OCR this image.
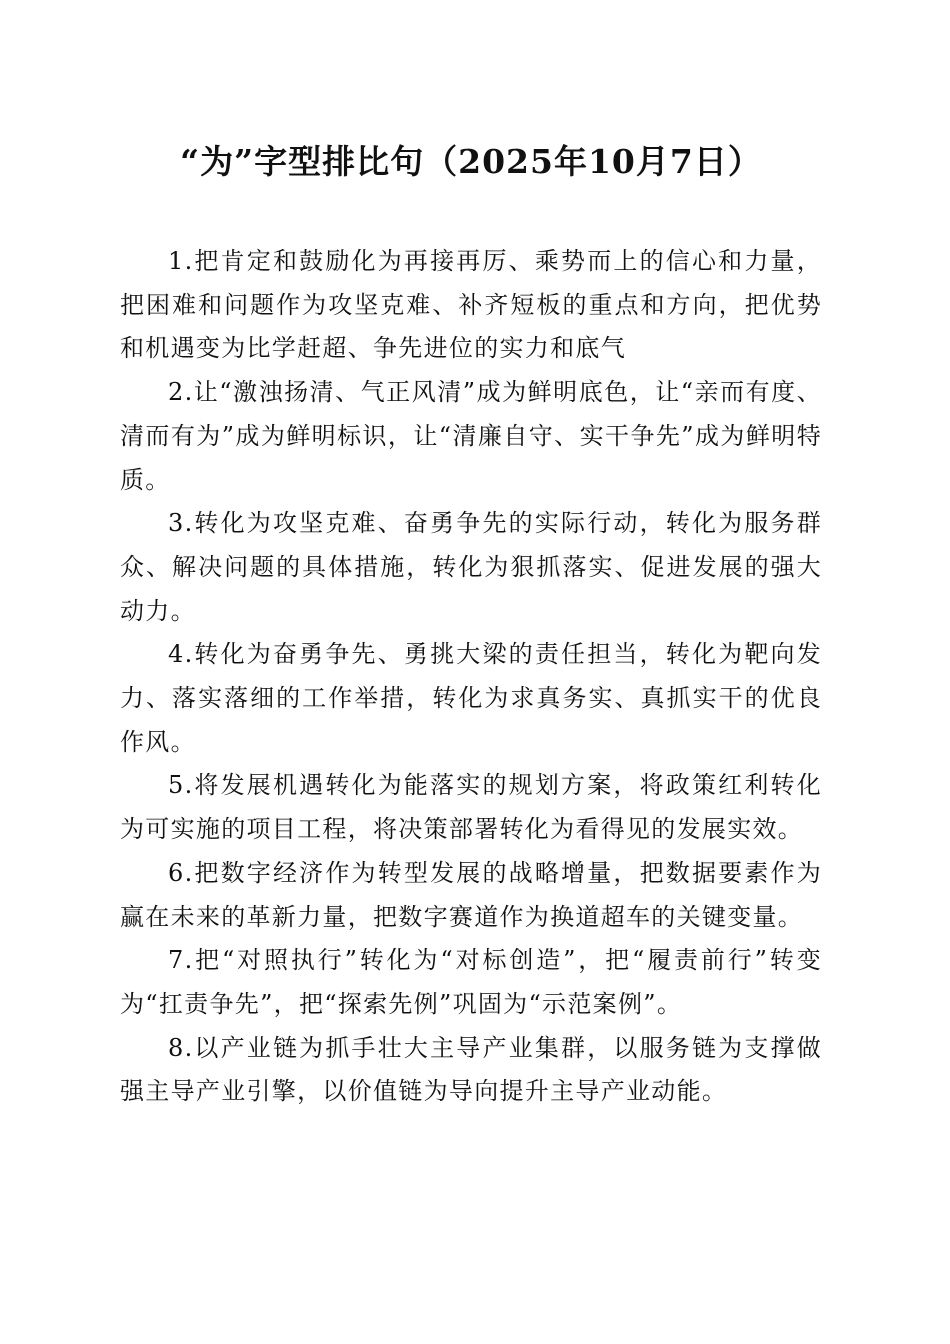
“为”字型排比句（2025年10月7日）

1.把肯定和鼓励化为再接再厉、乘势而上的信心和力量，把困难和问题作为攻坚克难、补齐短板的重点和方向，把优势和机遇变为比学赶超、争先进位的实力和底气

2.让“激浊扬清、气正风清”成为鲜明底色，让“亲而有度、清而有为”成为鲜明标识，让“清廉自守、实干争先”成为鲜明特质。

3.转化为攻坚克难、奋勇争先的实际行动，转化为服务群众、解决问题的具体措施，转化为狠抓落实、促进发展的强大动力。

4.转化为奋勇争先、勇挑大梁的责任担当，转化为靶向发力、落实落细的工作举措，转化为求真务实、真抓实干的优良作风。

5.将发展机遇转化为能落实的规划方案，将政策红利转化为可实施的项目工程，将决策部署转化为看得见的发展实效。

6.把数字经济作为转型发展的战略增量，把数据要素作为赢在未来的革新力量，把数字赛道作为换道超车的关键变量。

7.把“对照执行”转化为“对标创造”，把“履责前行”转变为“扛责争先”，把“探索先例”巩固为“示范案例”。

8.以产业链为抓手壮大主导产业集群，以服务链为支撑做强主导产业引擎，以价值链为导向提升主导产业动能。
